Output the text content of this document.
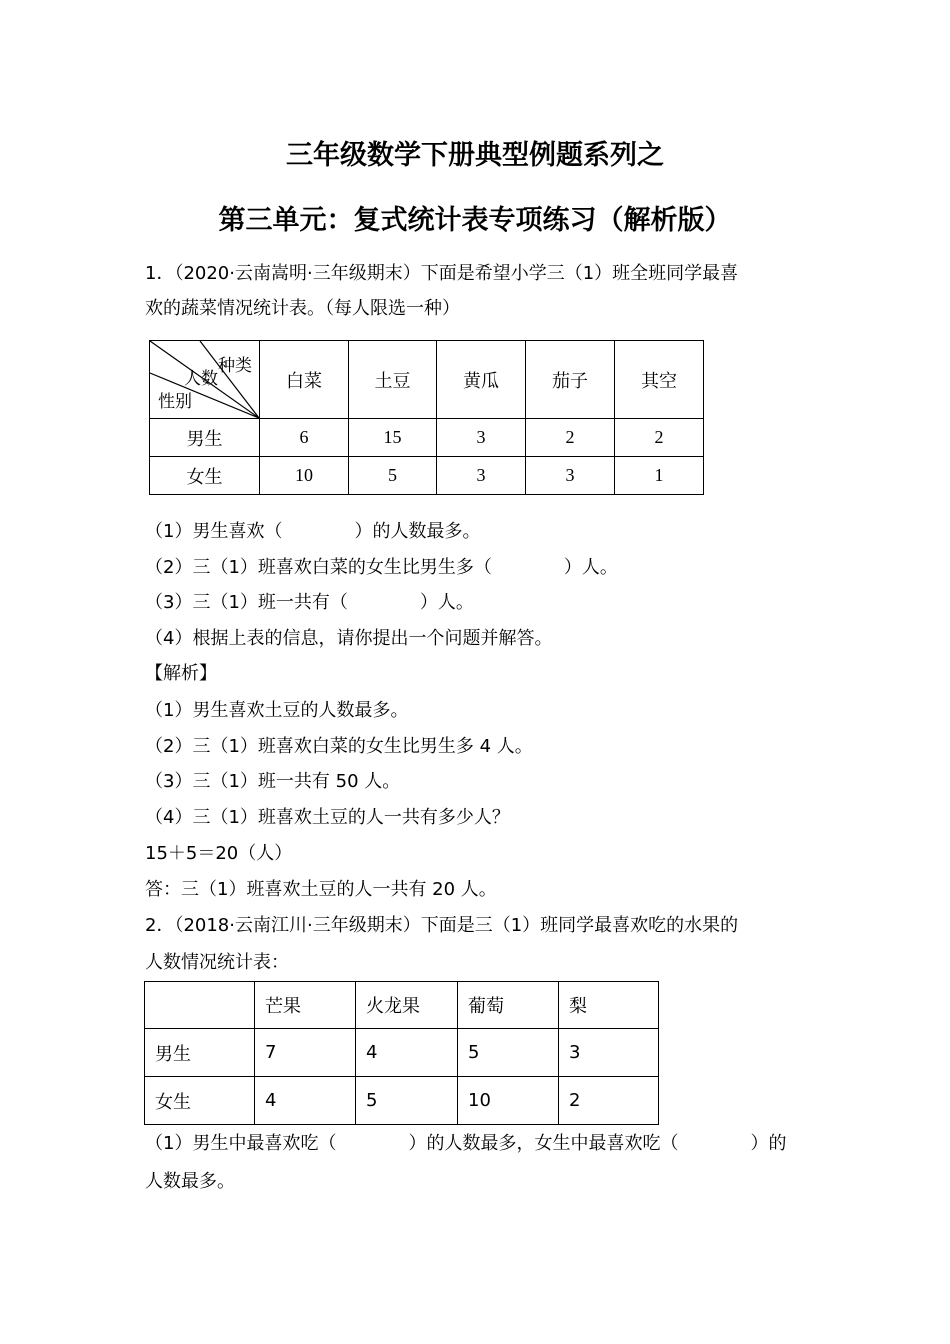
三年级数学下册典型例题系列之
第三单元：复式统计表专项练习（解析版）
1．（2020·云南嵩明·三年级期末）下面是希望小学三（1）班全班同学最喜
欢的蔬菜情况统计表。（每人限选一种）
种类
人数
性别	白菜	土豆	黄瓜	茄子	其空
男生	6	15	3	2	2
女生	10	5	3	3	1
（1）男生喜欢（　　　　）的人数最多。
（2）三（1）班喜欢白菜的女生比男生多（　　　　）人。
（3）三（1）班一共有（　　　　）人。
（4）根据上表的信息，请你提出一个问题并解答。
【解析】
（1）男生喜欢土豆的人数最多。
（2）三（1）班喜欢白菜的女生比男生多 4 人。
（3）三（1）班一共有 50 人。
（4）三（1）班喜欢土豆的人一共有多少人？
15＋5＝20（人）
答：三（1）班喜欢土豆的人一共有 20 人。
2．（2018·云南江川·三年级期末）下面是三（1）班同学最喜欢吃的水果的
人数情况统计表：
	芒果	火龙果	葡萄	梨
男生	7	4	5	3
女生	4	5	10	2
（1）男生中最喜欢吃（　　　　）的人数最多，女生中最喜欢吃（　　　　）的
人数最多。
